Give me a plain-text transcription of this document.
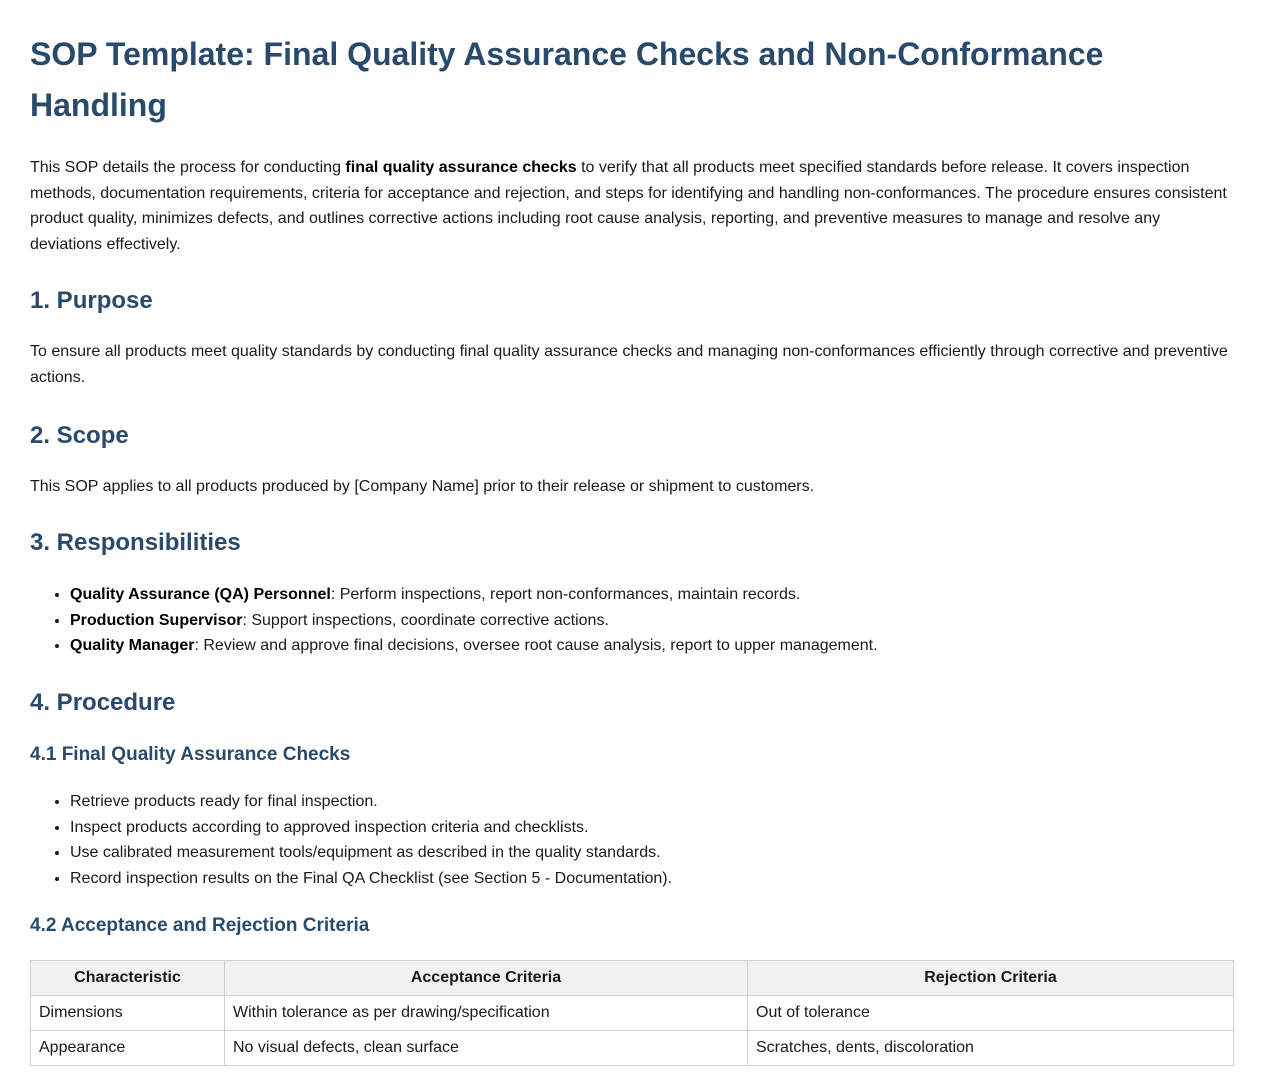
SOP Template: Final Quality Assurance Checks and Non-Conformance Handling

This SOP details the process for conducting final quality assurance checks to verify that all products meet specified standards before release. It covers inspection methods, documentation requirements, criteria for acceptance and rejection, and steps for identifying and handling non-conformances. The procedure ensures consistent product quality, minimizes defects, and outlines corrective actions including root cause analysis, reporting, and preventive measures to manage and resolve any deviations effectively.

1. Purpose

To ensure all products meet quality standards by conducting final quality assurance checks and managing non-conformances efficiently through corrective and preventive actions.

2. Scope

This SOP applies to all products produced by [Company Name] prior to their release or shipment to customers.

3. Responsibilities
• Quality Assurance (QA) Personnel: Perform inspections, report non-conformances, maintain records.
• Production Supervisor: Support inspections, coordinate corrective actions.
• Quality Manager: Review and approve final decisions, oversee root cause analysis, report to upper management.
4. Procedure
4.1 Final Quality Assurance Checks
• Retrieve products ready for final inspection.
• Inspect products according to approved inspection criteria and checklists.
• Use calibrated measurement tools/equipment as described in the quality standards.
• Record inspection results on the Final QA Checklist (see Section 5 - Documentation).
4.2 Acceptance and Rejection Criteria
Characteristic	Acceptance Criteria	Rejection Criteria
Dimensions	Within tolerance as per drawing/specification	Out of tolerance
Appearance	No visual defects, clean surface	Scratches, dents, discoloration
